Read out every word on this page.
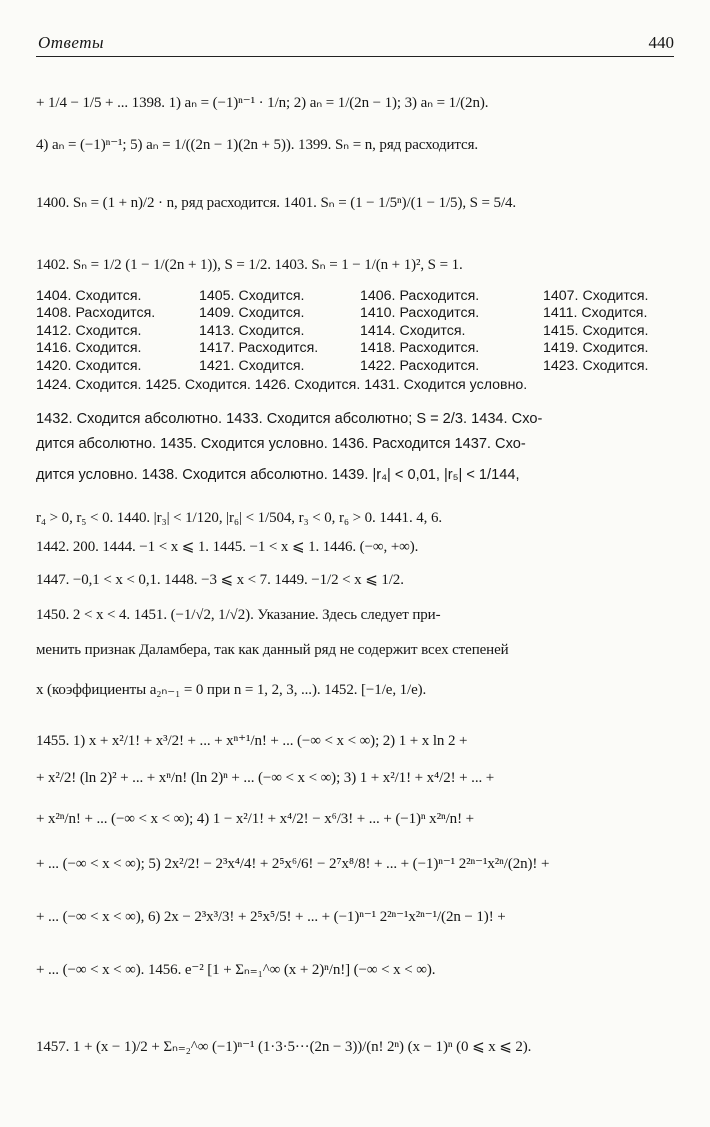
Ответы	440
+ 1/4 − 1/5 + ... 1398. 1) aₙ = (−1)ⁿ⁻¹ · 1/n; 2) aₙ = 1/(2n − 1); 3) aₙ = 1/(2n).
4) aₙ = (−1)ⁿ⁻¹; 5) aₙ = 1/((2n − 1)(2n + 5)). 1399. Sₙ = n, ряд расходится.
1400. Sₙ = (1 + n)/2 · n, ряд расходится. 1401. Sₙ = (1 − 1/5ⁿ)/(1 − 1/5), S = 5/4.
1402. Sₙ = 1/2 (1 − 1/(2n + 1)), S = 1/2. 1403. Sₙ = 1 − 1/(n + 1)², S = 1.
1404. Сходится.	1405. Сходится.	1406. Расходится.	1407. Сходится.
1408. Расходится.	1409. Сходится.	1410. Расходится.	1411. Сходится.
1412. Сходится.	1413. Сходится.	1414. Сходится.	1415. Сходится.
1416. Сходится.	1417. Расходится.	1418. Расходится.	1419. Сходится.
1420. Сходится.	1421. Сходится.	1422. Расходится.	1423. Сходится.
1424. Сходится. 1425. Сходится. 1426. Сходится. 1431. Сходится условно.
1432. Сходится абсолютно. 1433. Сходится абсолютно; S = 2/3. 1434. Схо-
дится абсолютно. 1435. Сходится условно. 1436. Расходится 1437. Схо-
дится условно. 1438. Сходится абсолютно. 1439. |r₄| < 0,01, |r₅| < 1/144,
r₄ > 0, r₅ < 0. 1440. |r₃| < 1/120, |r₆| < 1/504, r₃ < 0, r₆ > 0. 1441. 4, 6.
1442. 200. 1444. −1 < x ⩽ 1. 1445. −1 < x ⩽ 1. 1446. (−∞, +∞).
1447. −0,1 < x < 0,1. 1448. −3 ⩽ x < 7. 1449. −1/2 < x ⩽ 1/2.
1450. 2 < x < 4. 1451. (−1/√2, 1/√2). Указание. Здесь следует при-
менить признак Даламбера, так как данный ряд не содержит всех степеней
x (коэффициенты a₂ₙ₋₁ = 0 при n = 1, 2, 3, ...). 1452. [−1/e, 1/e).
1455. 1) x + x²/1! + x³/2! + ... + xⁿ⁺¹/n! + ... (−∞ < x < ∞); 2) 1 + x ln 2 +
+ x²/2! (ln 2)² + ... + xⁿ/n! (ln 2)ⁿ + ... (−∞ < x < ∞); 3) 1 + x²/1! + x⁴/2! + ... +
+ x²ⁿ/n! + ... (−∞ < x < ∞); 4) 1 − x²/1! + x⁴/2! − x⁶/3! + ... + (−1)ⁿ x²ⁿ/n! +
+ ... (−∞ < x < ∞); 5) 2x²/2! − 2³x⁴/4! + 2⁵x⁶/6! − 2⁷x⁸/8! + ... + (−1)ⁿ⁻¹ 2²ⁿ⁻¹x²ⁿ/(2n)! +
+ ... (−∞ < x < ∞), 6) 2x − 2³x³/3! + 2⁵x⁵/5! + ... + (−1)ⁿ⁻¹ 2²ⁿ⁻¹x²ⁿ⁻¹/(2n − 1)! +
+ ... (−∞ < x < ∞). 1456. e⁻² [1 + Σₙ₌₁^∞ (x + 2)ⁿ/n!] (−∞ < x < ∞).
1457. 1 + (x − 1)/2 + Σₙ₌₂^∞ (−1)ⁿ⁻¹ (1·3·5···(2n − 3))/(n! 2ⁿ) (x − 1)ⁿ (0 ⩽ x ⩽ 2).
